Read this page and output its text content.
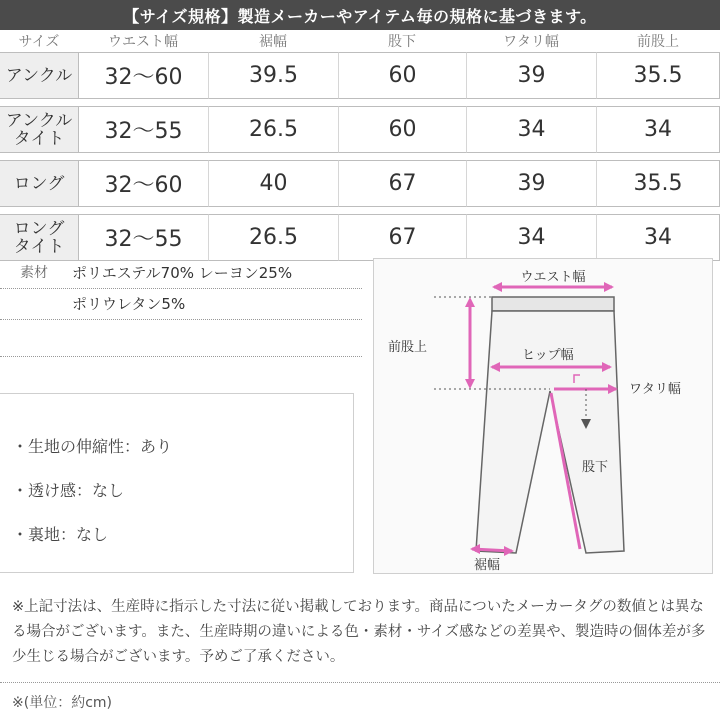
【サイズ規格】製造メーカーやアイテム毎の規格に基づきます。
サイズ	ウエスト幅	裾幅	股下	ワタリ幅	前股上
アンクル	32〜60	39.5	60	39	35.5

アンクル
タイト	32〜55	26.5	60	34	34

ロング	32〜60	40	67	39	35.5

ロング
タイト	32〜55	26.5	67	34	34
素材 ポリエステル70% レーヨン25%
ポリウレタン5%
・生地の伸縮性：あり
・透け感：なし
・裏地：なし
ウエスト幅
前股上
ヒップ幅
ワタリ幅
股下
裾幅
※上記寸法は、生産時に指示した寸法に従い掲載しております。商品についたメーカータグの数値とは異なる場合がございます。また、生産時期の違いによる色・素材・サイズ感などの差異や、製造時の個体差が多少生じる場合がございます。予めご了承ください。
※(単位：約cm)
